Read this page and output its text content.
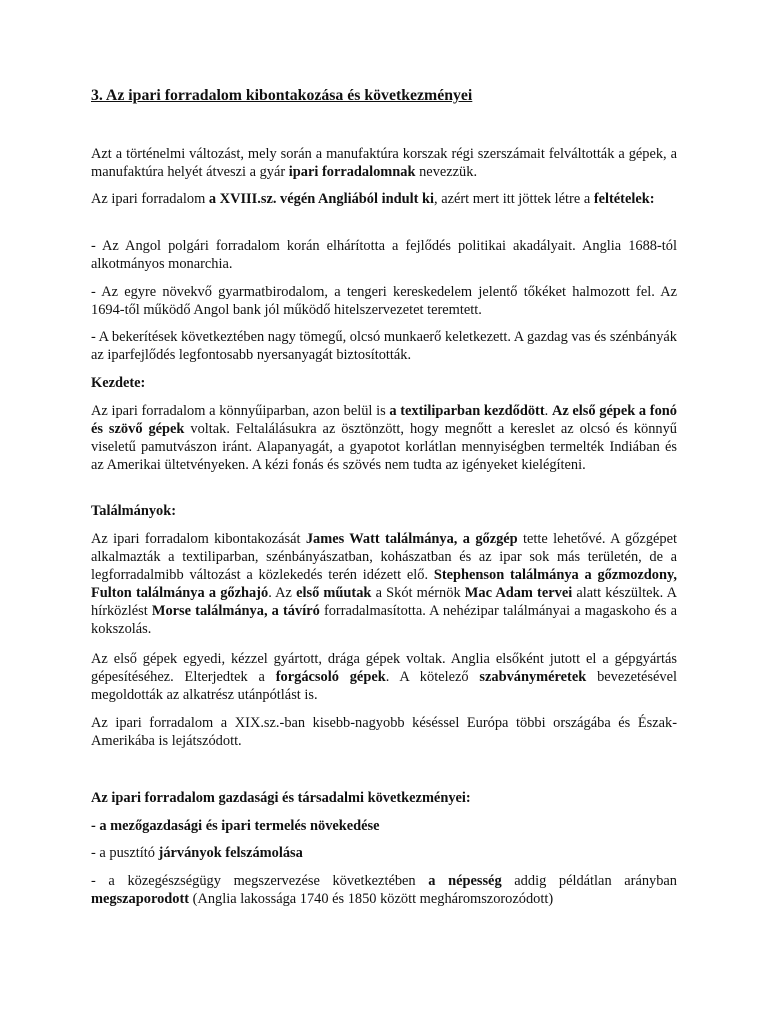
3. Az ipari forradalom kibontakozása és következményei

Azt a történelmi változást, mely során a manufaktúra korszak régi szerszámait felváltották a gépek, a manufaktúra helyét átveszi a gyár ipari forradalomnak nevezzük.

Az ipari forradalom a XVIII.sz. végén Angliából indult ki, azért mert itt jöttek létre a feltételek:

- Az Angol polgári forradalom korán elhárította a fejlődés politikai akadályait. Anglia 1688-tól alkotmányos monarchia.

- Az egyre növekvő gyarmatbirodalom, a tengeri kereskedelem jelentő tőkéket halmozott fel. Az 1694-től működő Angol bank jól működő hitelszervezetet teremtett.

- A bekerítések következtében nagy tömegű, olcsó munkaerő keletkezett. A gazdag vas és szénbányák az iparfejlődés legfontosabb nyersanyagát biztosították.

Kezdete:

Az ipari forradalom a könnyűiparban, azon belül is a textiliparban kezdődött. Az első gépek a fonó és szövő gépek voltak. Feltalálásukra az ösztönzött, hogy megnőtt a kereslet az olcsó és könnyű viseletű pamutvászon iránt. Alapanyagát, a gyapotot korlátlan mennyiségben termelték Indiában és az Amerikai ültetvényeken. A kézi fonás és szövés nem tudta az igényeket kielégíteni.

Találmányok:

Az ipari forradalom kibontakozását James Watt találmánya, a gőzgép tette lehetővé. A gőzgépet alkalmazták a textiliparban, szénbányászatban, kohászatban és az ipar sok más területén, de a legforradalmibb változást a közlekedés terén idézett elő. Stephenson találmánya a gőzmozdony, Fulton találmánya a gőzhajó. Az első műutak a Skót mérnök Mac Adam tervei alatt készültek. A hírközlést Morse találmánya, a távíró forradalmasította. A nehézipar találmányai a magaskoho és a kokszolás.

Az első gépek egyedi, kézzel gyártott, drága gépek voltak. Anglia elsőként jutott el a gépgyártás gépesítéséhez. Elterjedtek a forgácsoló gépek. A kötelező szabványméretek bevezetésével megoldották az alkatrész utánpótlást is.

Az ipari forradalom a XIX.sz.-ban kisebb-nagyobb késéssel Európa többi országába és Észak-Amerikába is lejátszódott.

Az ipari forradalom gazdasági és társadalmi következményei:

- a mezőgazdasági és ipari termelés növekedése

- a pusztító járványok felszámolása

- a közegészségügy megszervezése következtében a népesség addig példátlan arányban megszaporodott (Anglia lakossága 1740 és 1850 között megháromszorozódott)
